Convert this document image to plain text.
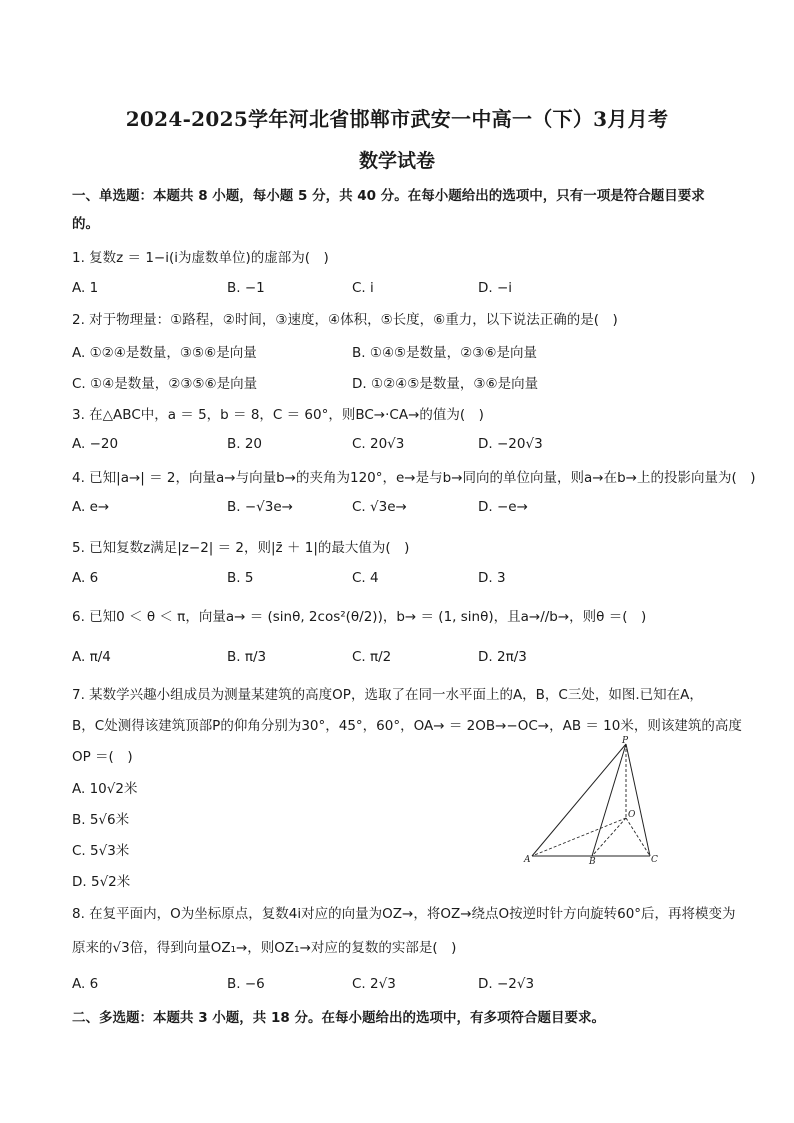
2024-2025学年河北省邯郸市武安一中高一（下）3月月考
数学试卷
一、单选题：本题共 8 小题，每小题 5 分，共 40 分。在每小题给出的选项中，只有一项是符合题目要求
的。
1. 复数z ＝ 1−i(i为虚数单位)的虚部为(　)
A. 1	B. −1	C. i	D. −i
2. 对于物理量：①路程，②时间，③速度，④体积，⑤长度，⑥重力，以下说法正确的是(　)
A. ①②④是数量，③⑤⑥是向量	B. ①④⑤是数量，②③⑥是向量
C. ①④是数量，②③⑤⑥是向量	D. ①②④⑤是数量，③⑥是向量
3. 在△ABC中，a ＝ 5，b ＝ 8，C ＝ 60°，则BC→·CA→的值为(　)
A. −20	B. 20	C. 20√3	D. −20√3
4. 已知|a→| ＝ 2，向量a→与向量b→的夹角为120°，e→是与b→同向的单位向量，则a→在b→上的投影向量为(　)
A. e→	B. −√3e→	C. √3e→	D. −e→
5. 已知复数z满足|z−2| ＝ 2，则|z̄ ＋ 1|的最大值为(　)
A. 6	B. 5	C. 4	D. 3
6. 已知0 ＜ θ ＜ π，向量a→ ＝ (sinθ, 2cos²(θ/2))，b→ ＝ (1, sinθ)，且a→//b→，则θ ＝(　)
A. π/4	B. π/3	C. π/2	D. 2π/3
7. 某数学兴趣小组成员为测量某建筑的高度OP，选取了在同一水平面上的A，B，C三处，如图.已知在A，
B，C处测得该建筑顶部P的仰角分别为30°，45°，60°，OA→ ＝ 2OB→−OC→，AB ＝ 10米，则该建筑的高度
OP ＝(　)
A. 10√2米
B. 5√6米
C. 5√3米
D. 5√2米
P
O
A	B	C
8. 在复平面内，O为坐标原点，复数4i对应的向量为OZ→，将OZ→绕点O按逆时针方向旋转60°后，再将模变为
原来的√3倍，得到向量OZ₁→，则OZ₁→对应的复数的实部是(　)
A. 6	B. −6	C. 2√3	D. −2√3
二、多选题：本题共 3 小题，共 18 分。在每小题给出的选项中，有多项符合题目要求。
